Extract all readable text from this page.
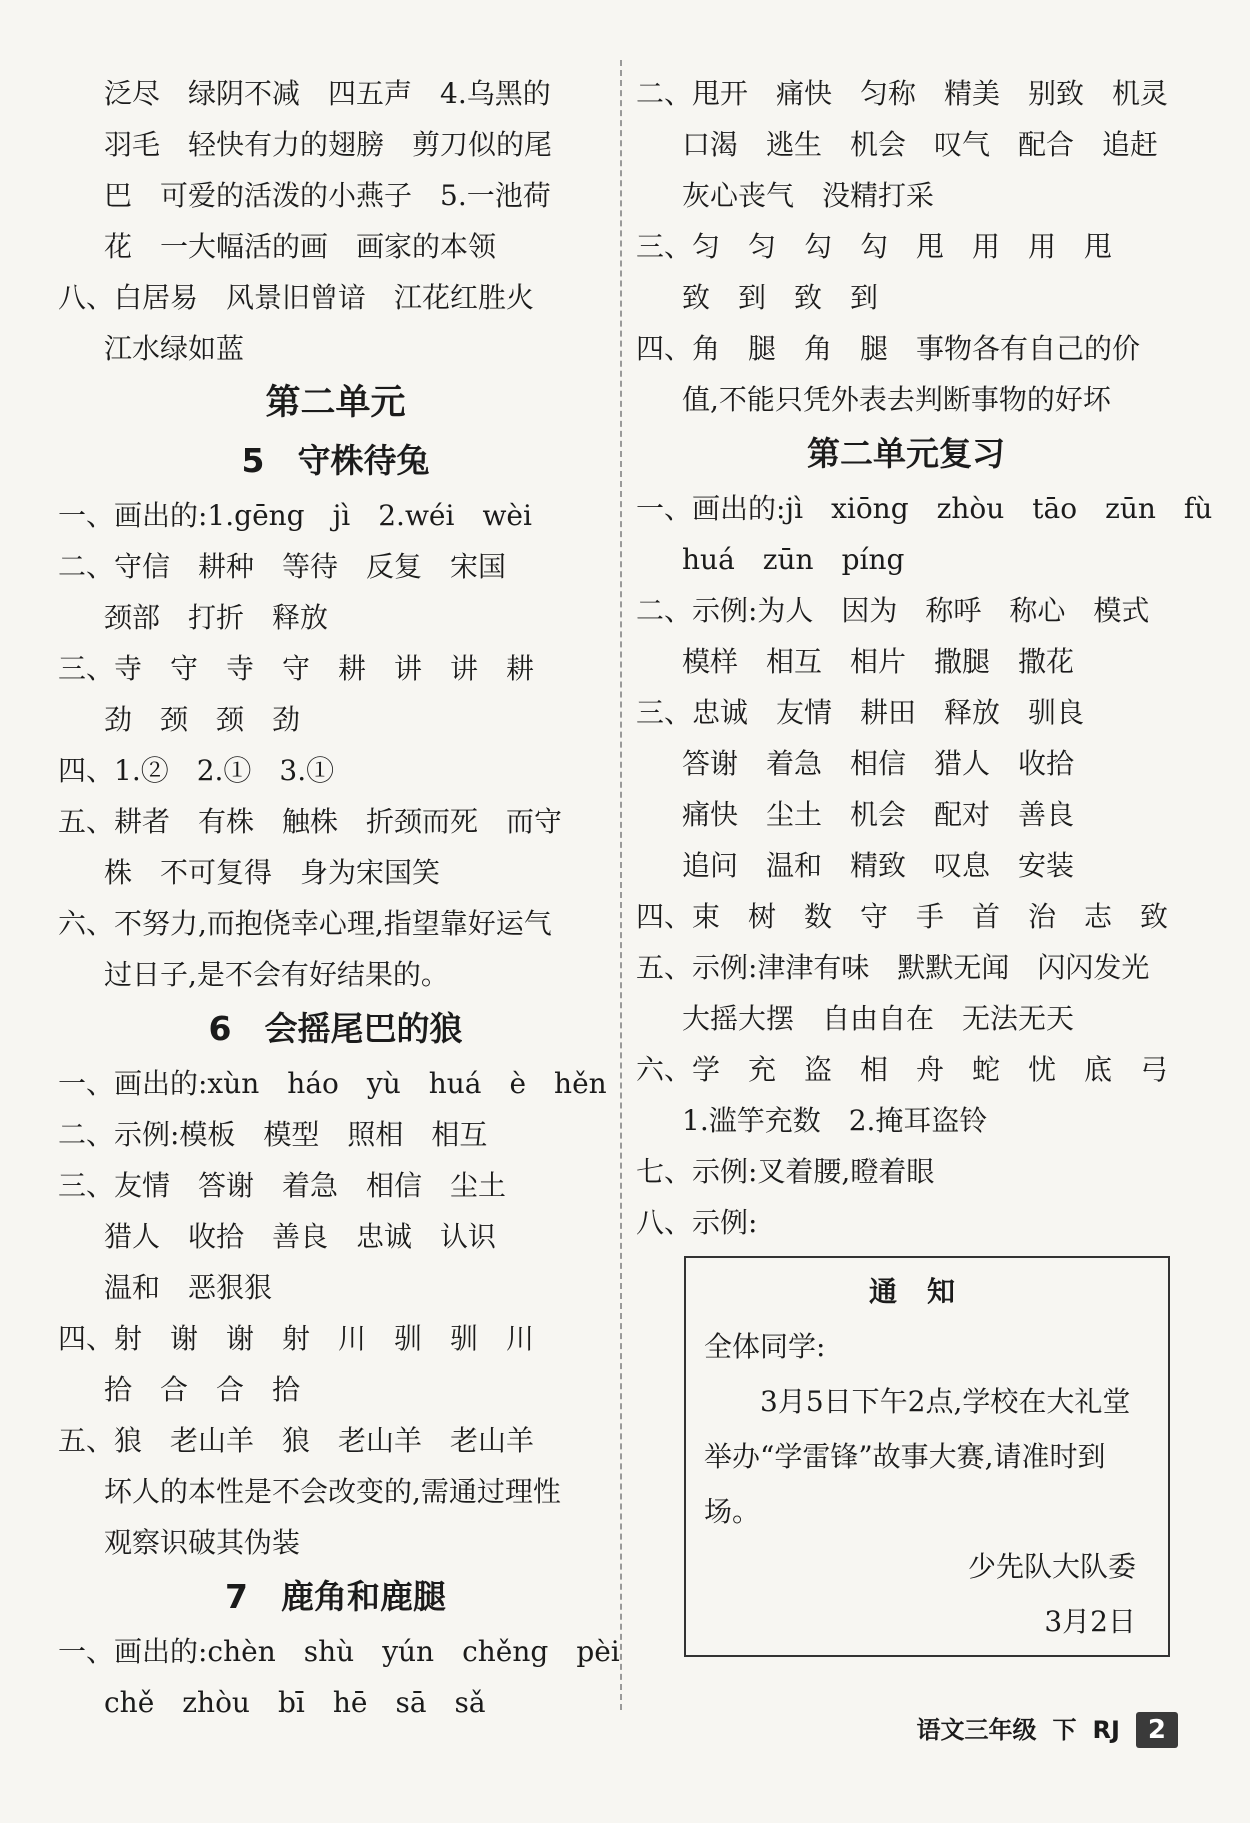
泛尽　绿阴不减　四五声　4.乌黑的
羽毛　轻快有力的翅膀　剪刀似的尾
巴　可爱的活泼的小燕子　5.一池荷
花　一大幅活的画　画家的本领
八、白居易　风景旧曾谙　江花红胜火
江水绿如蓝
第二单元
5　守株待兔
一、画出的:1.gēng　jì　2.wéi　wèi
二、守信　耕种　等待　反复　宋国
颈部　打折　释放
三、寺　守　寺　守　耕　讲　讲　耕
劲　颈　颈　劲
四、1.②　2.①　3.①
五、耕者　有株　触株　折颈而死　而守
株　不可复得　身为宋国笑
六、不努力,而抱侥幸心理,指望靠好运气
过日子,是不会有好结果的。
6　会摇尾巴的狼
一、画出的:xùn　háo　yù　huá　è　hěn
二、示例:模板　模型　照相　相互
三、友情　答谢　着急　相信　尘土
猎人　收拾　善良　忠诚　认识
温和　恶狠狠
四、射　谢　谢　射　川　驯　驯　川
拾　合　合　拾
五、狼　老山羊　狼　老山羊　老山羊
坏人的本性是不会改变的,需通过理性
观察识破其伪装
7　鹿角和鹿腿
一、画出的:chèn　shù　yún　chěng　pèi
chě　zhòu　bī　hē　sā　sǎ
二、甩开　痛快　匀称　精美　别致　机灵
口渴　逃生　机会　叹气　配合　追赶
灰心丧气　没精打采
三、匀　匀　勾　勾　甩　用　用　甩
致　到　致　到
四、角　腿　角　腿　事物各有自己的价
值,不能只凭外表去判断事物的好坏
第二单元复习
一、画出的:jì　xiōng　zhòu　tāo　zūn　fù
huá　zūn　píng
二、示例:为人　因为　称呼　称心　模式
模样　相互　相片　撒腿　撒花
三、忠诚　友情　耕田　释放　驯良
答谢　着急　相信　猎人　收拾
痛快　尘土　机会　配对　善良
追问　温和　精致　叹息　安装
四、束　树　数　守　手　首　治　志　致
五、示例:津津有味　默默无闻　闪闪发光
大摇大摆　自由自在　无法无天
六、学　充　盗　相　舟　蛇　忧　底　弓
1.滥竽充数　2.掩耳盗铃
七、示例:叉着腰,瞪着眼
八、示例:
通知
全体同学:
3月5日下午2点,学校在大礼堂举办“学雷锋”故事大赛,请准时到场。
少先队大队委
3月2日
语文三年级 下 RJ	2
